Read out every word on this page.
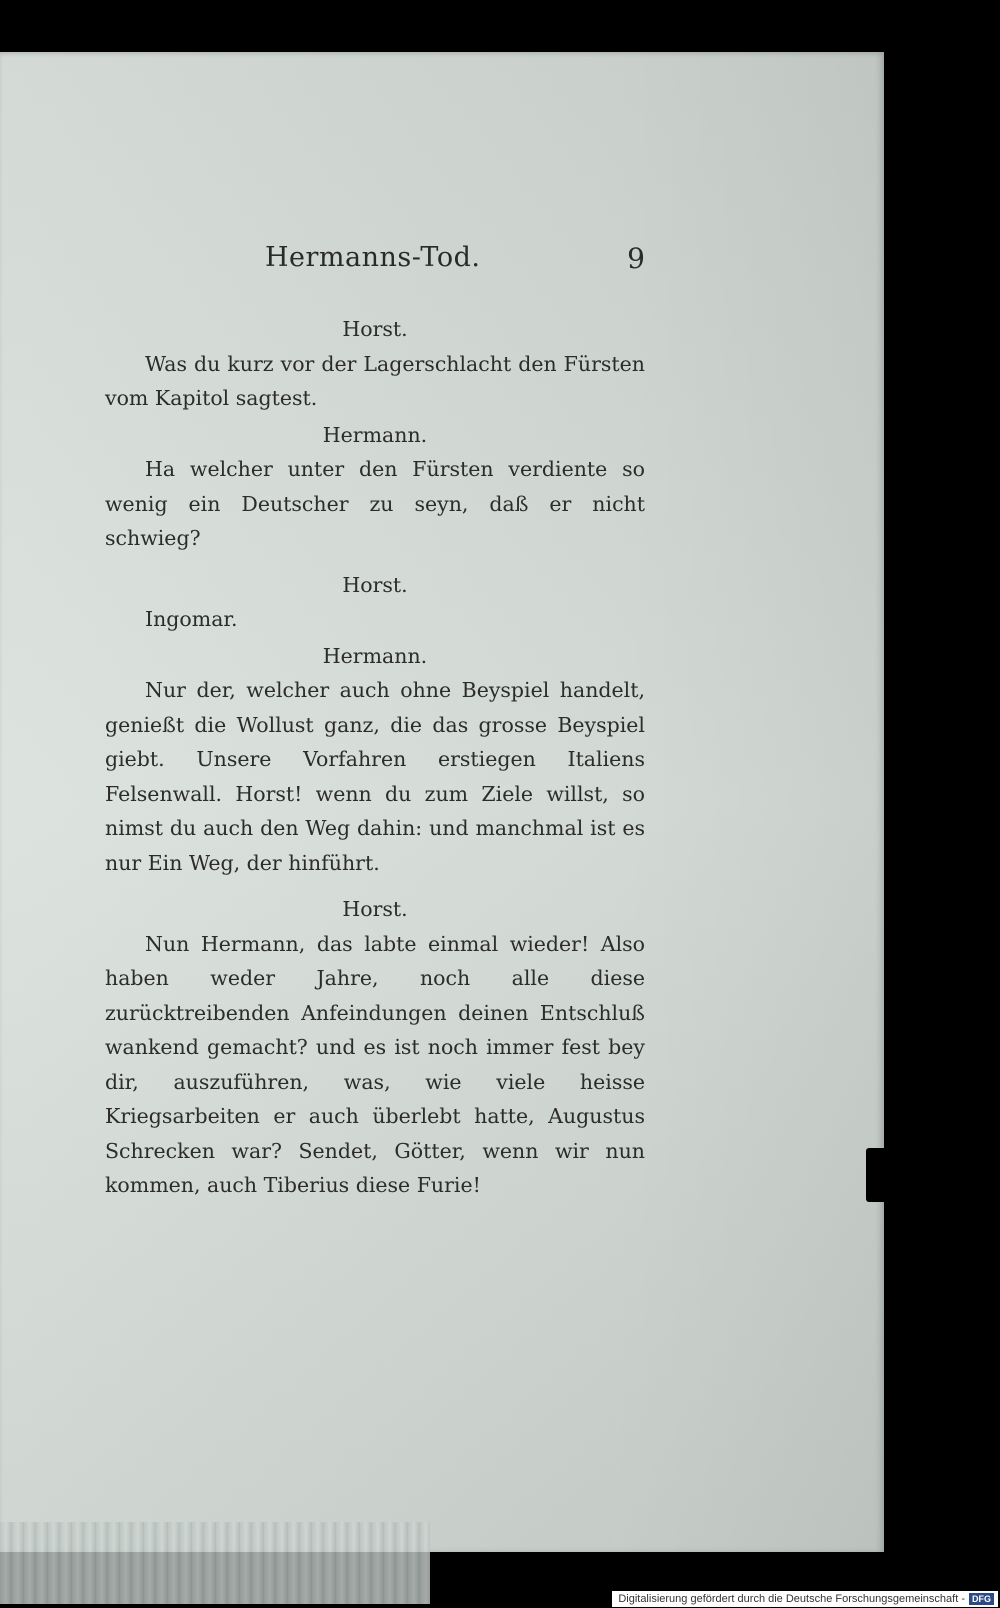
Hermanns-Tod.	9

Horst.

Was du kurz vor der Lagerschlacht den Fürsten vom Kapitol sagtest.

Hermann.

Ha welcher unter den Fürsten verdiente so wenig ein Deutscher zu seyn, daß er nicht schwieg?

Horst.

Ingomar.

Hermann.

Nur der, welcher auch ohne Beyspiel handelt, genießt die Wollust ganz, die das grosse Beyspiel giebt. Unsere Vorfahren erstiegen Italiens Felsenwall. Horst! wenn du zum Ziele willst, so nimst du auch den Weg dahin: und manchmal ist es nur Ein Weg, der hinführt.

Horst.

Nun Hermann, das labte einmal wieder! Also haben weder Jahre, noch alle diese zurücktreibenden Anfeindungen deinen Entschluß wankend gemacht? und es ist noch immer fest bey dir, auszuführen, was, wie viele heisse Kriegsarbeiten er auch überlebt hatte, Augustus Schrecken war? Sendet, Götter, wenn wir nun kommen, auch Tiberius diese Furie!

Digitalisierung gefördert durch die Deutsche Forschungsgemeinschaft - DFG
